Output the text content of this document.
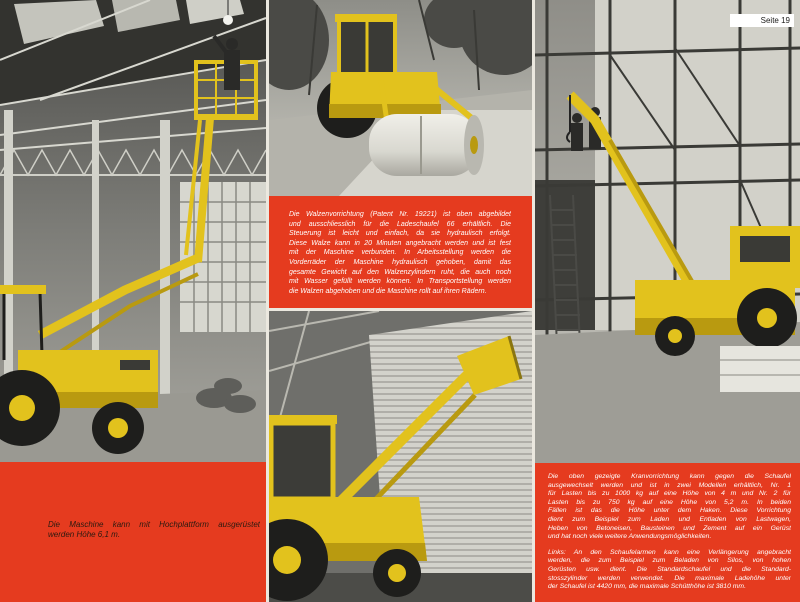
Die Maschine kann mit Hochplattform ausgerüstet
werden Höhe 6,1 m.
Die Walzenvorrichtung (Patent Nr. 19221) ist oben abgebildet
und ausschliesslich für die Ladeschaufel 66 erhältlich. Die
Steuerung ist leicht und einfach, da sie hydraulisch erfolgt.
Diese Walze kann in 20 Minuten angebracht werden und ist fest
mit der Maschine verbunden. In Arbeitsstellung werden die
Vorderräder der Maschine hydraulisch gehoben, damit das
gesamte Gewicht auf den Walzenzylindern ruht, die auch noch
mit Wasser gefüllt werden können. In Transportstellung werden
die Walzen abgehoben und die Maschine rollt auf ihren Rädern.
Die oben gezeigte Kranvorrichtung kann gegen die Schaufel
ausgewechselt werden und ist in zwei Modellen erhältlich, Nr. 1
für Lasten bis zu 1000 kg auf eine Höhe von 4 m und Nr. 2 für
Lasten bis zu 750 kg auf eine Höhe von 5,2 m. In beiden
Fällen ist das die Höhe unter dem Haken. Diese Vorrichtung
dient zum Beispiel zum Laden und Entladen von Lastwagen,
Heben von Betoneisen, Bausteinen und Zement auf ein Gerüst
und hat noch viele weitere Anwendungsmöglichkeiten.
Links: An den Schaufelarmen kann eine Verlängerung angebracht
werden, die zum Beispiel zum Beladen von Silos, von hohen
Gerüsten usw. dient. Die Standardschaufel und die Standard-
stosszylinder werden verwendet. Die maximale Ladehöhe unter
der Schaufel ist 4420 mm, die maximale Schütthöhe ist 3810 mm.
Seite 19
